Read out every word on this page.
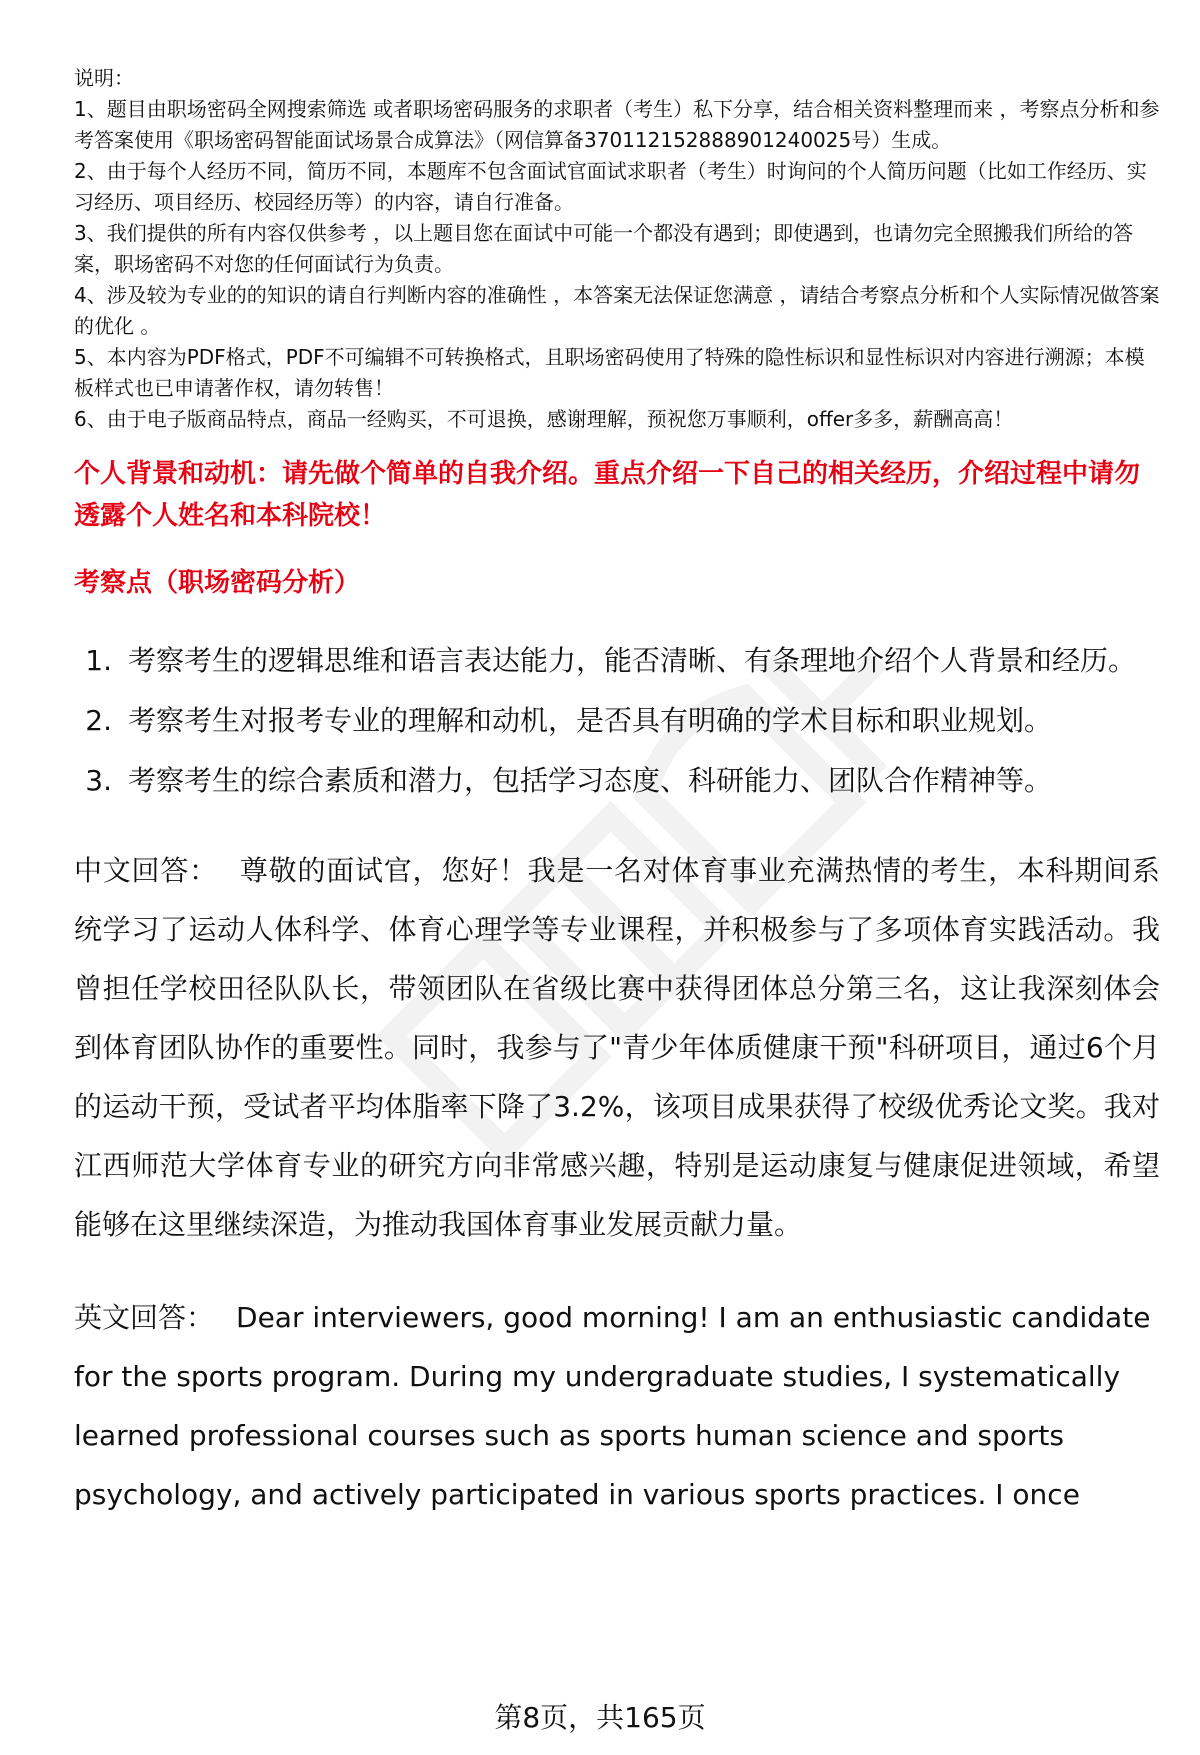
说明：

1、题目由职场密码全网搜索筛选 或者职场密码服务的求职者（考生）私下分享，结合相关资料整理而来 ，考察点分析和参考答案使用《职场密码智能面试场景合成算法》（网信算备370112152888901240025号）生成。
2、由于每个人经历不同，简历不同，本题库不包含面试官面试求职者（考生）时询问的个人简历问题（比如工作经历、实习经历、项目经历、校园经历等）的内容，请自行准备。
3、我们提供的所有内容仅供参考 ，以上题目您在面试中可能一个都没有遇到；即使遇到，也请勿完全照搬我们所给的答案，职场密码不对您的任何面试行为负责。
4、涉及较为专业的的知识的请自行判断内容的准确性 ，本答案无法保证您满意 ，请结合考察点分析和个人实际情况做答案的优化 。
5、本内容为PDF格式，PDF不可编辑不可转换格式，且职场密码使用了特殊的隐性标识和显性标识对内容进行溯源；本模板样式也已申请著作权，请勿转售！
6、由于电子版商品特点，商品一经购买，不可退换，感谢理解，预祝您万事顺利，offer多多，薪酬高高！

个人背景和动机：请先做个简单的自我介绍。重点介绍一下自己的相关经历，介绍过程中请勿透露个人姓名和本科院校！

考察点（职场密码分析）

1. 考察考生的逻辑思维和语言表达能力，能否清晰、有条理地介绍个人背景和经历。
2. 考察考生对报考专业的理解和动机，是否具有明确的学术目标和职业规划。
3. 考察考生的综合素质和潜力，包括学习态度、科研能力、团队合作精神等。

中文回答： 尊敬的面试官，您好！我是一名对体育事业充满热情的考生，本科期间系统学习了运动人体科学、体育心理学等专业课程，并积极参与了多项体育实践活动。我曾担任学校田径队队长，带领团队在省级比赛中获得团体总分第三名，这让我深刻体会到体育团队协作的重要性。同时，我参与了"青少年体质健康干预"科研项目，通过6个月的运动干预，受试者平均体脂率下降了3.2%，该项目成果获得了校级优秀论文奖。我对江西师范大学体育专业的研究方向非常感兴趣，特别是运动康复与健康促进领域，希望能够在这里继续深造，为推动我国体育事业发展贡献力量。

英文回答： Dear interviewers, good morning! I am an enthusiastic candidate for the sports program. During my undergraduate studies, I systematically learned professional courses such as sports human science and sports psychology, and actively participated in various sports practices. I once

第8页，共165页
